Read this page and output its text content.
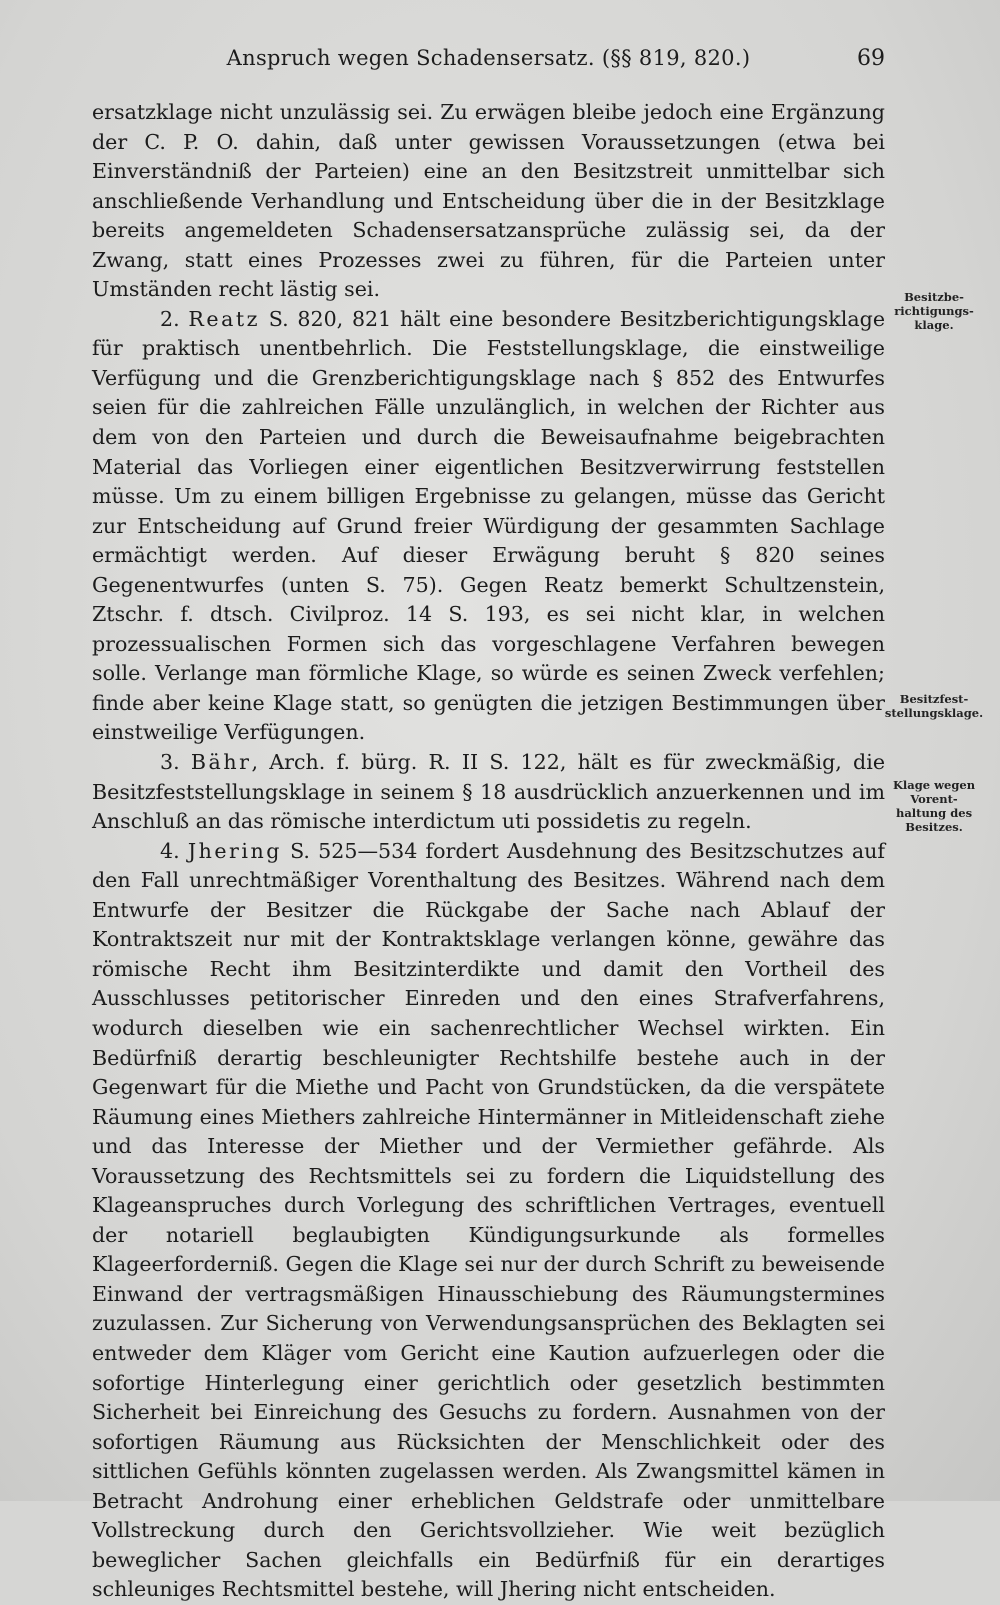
Anspruch wegen Schadensersatz. (§§ 819, 820.)	69

ersatzklage nicht unzulässig sei. Zu erwägen bleibe jedoch eine Ergänzung der C. P. O. dahin, daß unter gewissen Voraussetzungen (etwa bei Einverständniß der Parteien) eine an den Besitzstreit unmittelbar sich anschließende Verhandlung und Entscheidung über die in der Besitzklage bereits angemeldeten Schadensersatzansprüche zulässig sei, da der Zwang, statt eines Prozesses zwei zu führen, für die Parteien unter Umständen recht lästig sei.

2. Reatz S. 820, 821 hält eine besondere Besitzberichtigungsklage für praktisch unentbehrlich. Die Feststellungsklage, die einstweilige Verfügung und die Grenzberichtigungsklage nach § 852 des Entwurfes seien für die zahlreichen Fälle unzulänglich, in welchen der Richter aus dem von den Parteien und durch die Beweisaufnahme beigebrachten Material das Vorliegen einer eigentlichen Besitzverwirrung feststellen müsse. Um zu einem billigen Ergebnisse zu gelangen, müsse das Gericht zur Entscheidung auf Grund freier Würdigung der gesammten Sachlage ermächtigt werden. Auf dieser Erwägung beruht § 820 seines Gegenentwurfes (unten S. 75). Gegen Reatz bemerkt Schultzenstein, Ztschr. f. dtsch. Civilproz. 14 S. 193, es sei nicht klar, in welchen prozessualischen Formen sich das vorgeschlagene Verfahren bewegen solle. Verlange man förmliche Klage, so würde es seinen Zweck verfehlen; finde aber keine Klage statt, so genügten die jetzigen Bestimmungen über einstweilige Verfügungen.

3. Bähr, Arch. f. bürg. R. II S. 122, hält es für zweckmäßig, die Besitzfeststellungsklage in seinem § 18 ausdrücklich anzuerkennen und im Anschluß an das römische interdictum uti possidetis zu regeln.

4. Jhering S. 525—534 fordert Ausdehnung des Besitzschutzes auf den Fall unrechtmäßiger Vorenthaltung des Besitzes. Während nach dem Entwurfe der Besitzer die Rückgabe der Sache nach Ablauf der Kontraktszeit nur mit der Kontraktsklage verlangen könne, gewähre das römische Recht ihm Besitzinterdikte und damit den Vortheil des Ausschlusses petitorischer Einreden und den eines Strafverfahrens, wodurch dieselben wie ein sachenrechtlicher Wechsel wirkten. Ein Bedürfniß derartig beschleunigter Rechtshilfe bestehe auch in der Gegenwart für die Miethe und Pacht von Grundstücken, da die verspätete Räumung eines Miethers zahlreiche Hintermänner in Mitleidenschaft ziehe und das Interesse der Miether und der Vermiether gefährde. Als Voraussetzung des Rechtsmittels sei zu fordern die Liquidstellung des Klageanspruches durch Vorlegung des schriftlichen Vertrages, eventuell der notariell beglaubigten Kündigungsurkunde als formelles Klageerforderniß. Gegen die Klage sei nur der durch Schrift zu beweisende Einwand der vertragsmäßigen Hinausschiebung des Räumungstermines zuzulassen. Zur Sicherung von Verwendungsansprüchen des Beklagten sei entweder dem Kläger vom Gericht eine Kaution aufzuerlegen oder die sofortige Hinterlegung einer gerichtlich oder gesetzlich bestimmten Sicherheit bei Einreichung des Gesuchs zu fordern. Ausnahmen von der sofortigen Räumung aus Rücksichten der Menschlichkeit oder des sittlichen Gefühls könnten zugelassen werden. Als Zwangsmittel kämen in Betracht Androhung einer erheblichen Geldstrafe oder unmittelbare Vollstreckung durch den Gerichtsvollzieher. Wie weit bezüglich beweglicher Sachen gleichfalls ein Bedürfniß für ein derartiges schleuniges Rechtsmittel bestehe, will Jhering nicht entscheiden.

Besitzbe-
richtigungs-
klage.
Besitzfest-
stellungsklage.
Klage wegen
Vorent-
haltung des
Besitzes.
